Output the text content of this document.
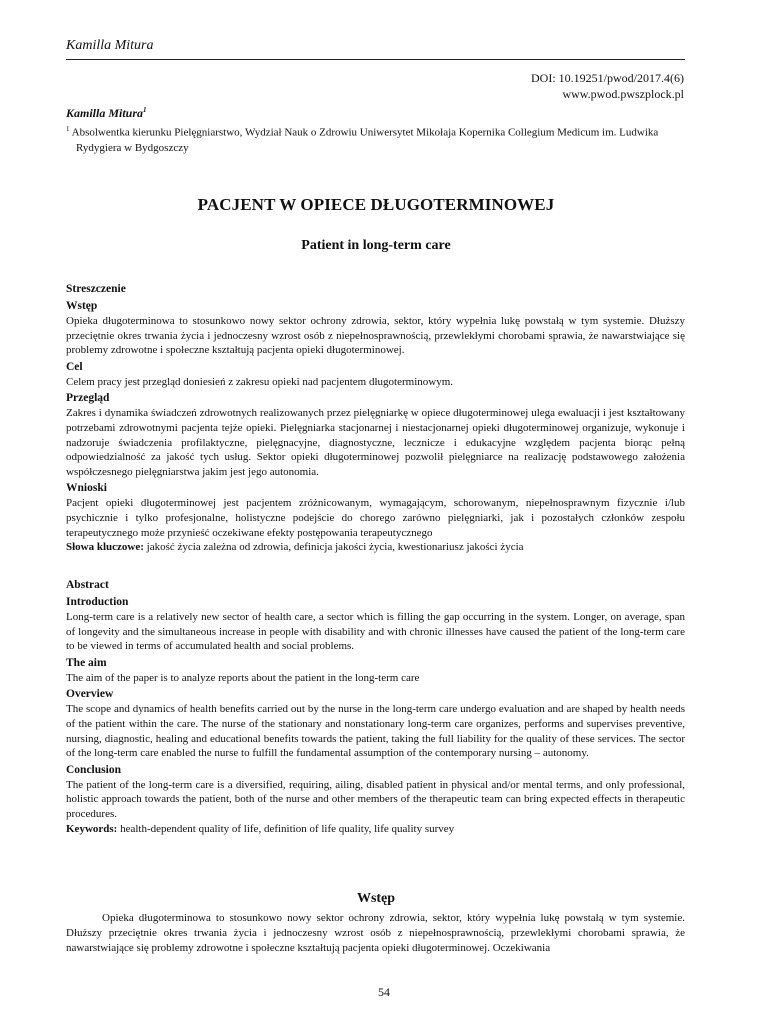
Kamilla Mitura
DOI: 10.19251/pwod/2017.4(6)
www.pwod.pwszplock.pl
Kamilla Mitura$^1$
$^1$ Absolwentka kierunku Pielęgniarstwo, Wydział Nauk o Zdrowiu Uniwersytet Mikołaja Kopernika Collegium Medicum im. Ludwika
Rydygiera w Bydgoszczy
PACJENT W OPIECE DŁUGOTERMINOWEJ
Patient in long-term care
Streszczenie
Wstęp

Opieka długoterminowa to stosunkowo nowy sektor ochrony zdrowia, sektor, który wypełnia lukę powstałą w tym systemie. Dłuższy przeciętnie okres trwania życia i jednoczesny wzrost osób z niepełnosprawnością, przewlekłymi chorobami sprawia, że nawarstwiające się problemy zdrowotne i społeczne kształtują pacjenta opieki długoterminowej.

Cel

Celem pracy jest przegląd doniesień z zakresu opieki nad pacjentem długoterminowym.

Przegląd

Zakres i dynamika świadczeń zdrowotnych realizowanych przez pielęgniarkę w opiece długoterminowej ulega ewaluacji i jest kształtowany potrzebami zdrowotnymi pacjenta tejże opieki. Pielęgniarka stacjonarnej i niestacjonarnej opieki długoterminowej organizuje, wykonuje i nadzoruje świadczenia profilaktyczne, pielęgnacyjne, diagnostyczne, lecznicze i edukacyjne względem pacjenta biorąc pełną odpowiedzialność za jakość tych usług. Sektor opieki długoterminowej pozwolił pielęgniarce na realizację podstawowego założenia współczesnego pielęgniarstwa jakim jest jego autonomia.

Wnioski

Pacjent opieki długoterminowej jest pacjentem zróżnicowanym, wymagającym, schorowanym, niepełnosprawnym fizycznie i/lub psychicznie i tylko profesjonalne, holistyczne podejście do chorego zarówno pielęgniarki, jak i pozostałych członków zespołu terapeutycznego może przynieść oczekiwane efekty postępowania terapeutycznego

Słowa kluczowe: jakość życia zależna od zdrowia, definicja jakości życia, kwestionariusz jakości życia

Abstract
Introduction

Long-term care is a relatively new sector of health care, a sector which is filling the gap occurring in the system. Longer, on average, span of longevity and the simultaneous increase in people with disability and with chronic illnesses have caused the patient of the long-term care to be viewed in terms of accumulated health and social problems.

The aim

The aim of the paper is to analyze reports about the patient in the long-term care

Overview

The scope and dynamics of health benefits carried out by the nurse in the long-term care undergo evaluation and are shaped by health needs of the patient within the care. The nurse of the stationary and nonstationary long-term care organizes, performs and supervises preventive, nursing, diagnostic, healing and educational benefits towards the patient, taking the full liability for the quality of these services. The sector of the long-term care enabled the nurse to fulfill the fundamental assumption of the contemporary nursing – autonomy.

Conclusion

The patient of the long-term care is a diversified, requiring, ailing, disabled patient in physical and/or mental terms, and only professional, holistic approach towards the patient, both of the nurse and other members of the therapeutic team can bring expected effects in therapeutic procedures.

Keywords: health-dependent quality of life, definition of life quality, life quality survey

Wstęp

Opieka długoterminowa to stosunkowo nowy sektor ochrony zdrowia, sektor, który wypełnia lukę powstałą w tym systemie. Dłuższy przeciętnie okres trwania życia i jednoczesny wzrost osób z niepełnosprawnością, przewlekłymi chorobami sprawia, że nawarstwiające się problemy zdrowotne i społeczne kształtują pacjenta opieki długoterminowej. Oczekiwania

54
